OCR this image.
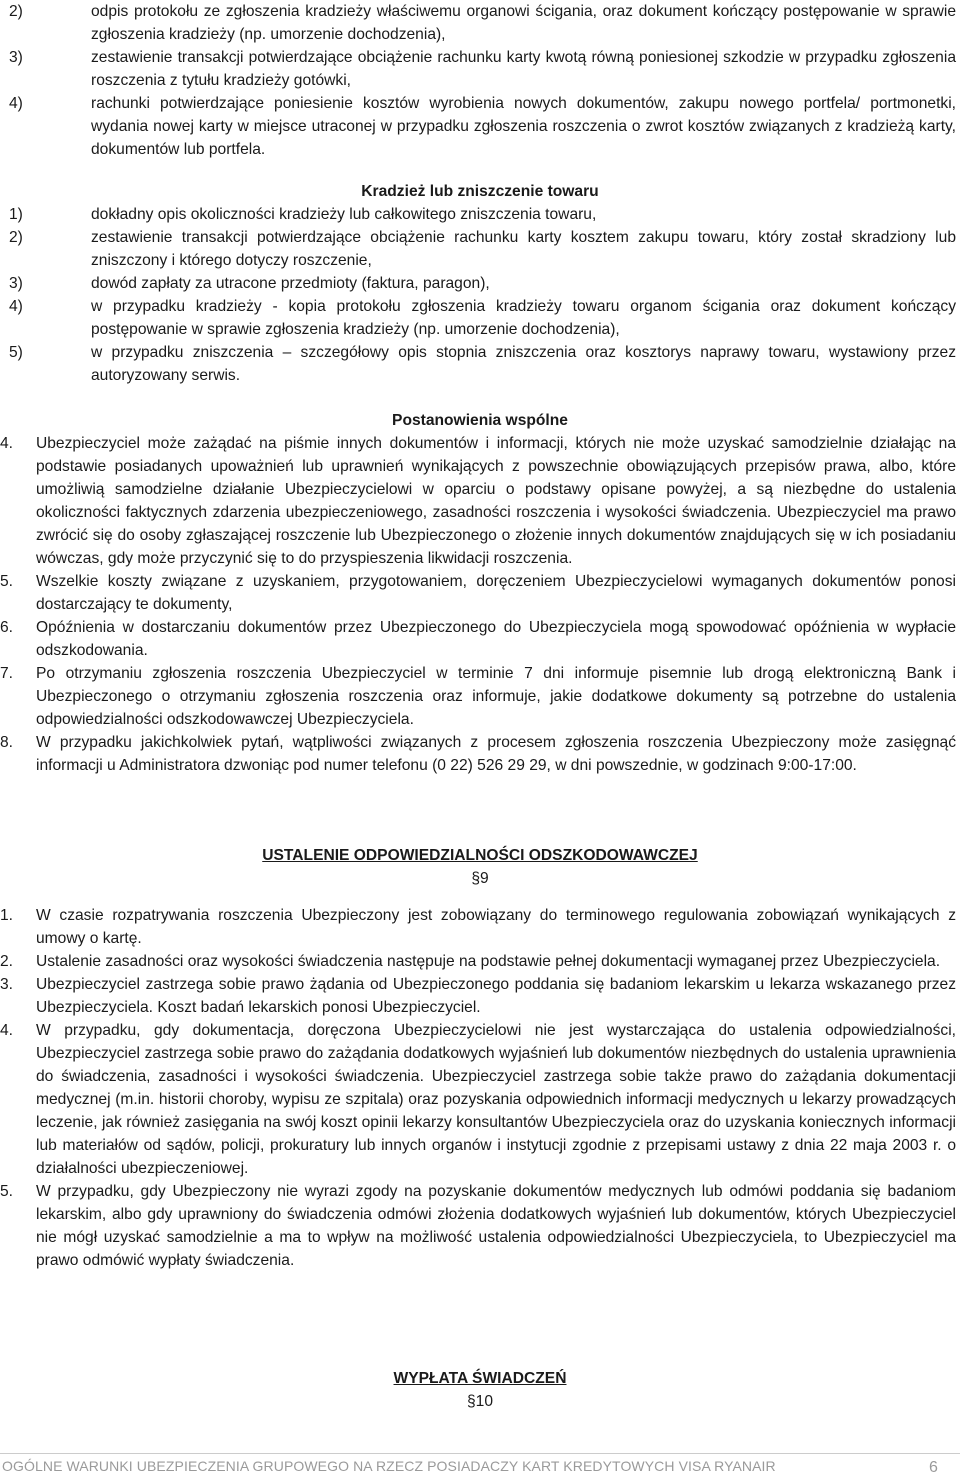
2)	odpis protokołu ze zgłoszenia kradzieży właściwemu organowi ścigania, oraz dokument kończący postępowanie w sprawie zgłoszenia kradzieży (np. umorzenie dochodzenia),

3)	zestawienie transakcji potwierdzające obciążenie rachunku karty kwotą równą poniesionej szkodzie w przypadku zgłoszenia roszczenia z tytułu kradzieży gotówki,

4)	rachunki potwierdzające poniesienie kosztów wyrobienia nowych dokumentów, zakupu nowego portfela/ portmonetki, wydania nowej karty w miejsce utraconej w przypadku zgłoszenia roszczenia o zwrot kosztów związanych z kradzieżą karty, dokumentów lub portfela.

Kradzież lub zniszczenie towaru

1)	dokładny opis okoliczności kradzieży lub całkowitego zniszczenia towaru,

2)	zestawienie transakcji potwierdzające obciążenie rachunku karty kosztem zakupu towaru, który został skradziony lub zniszczony i którego dotyczy roszczenie,

3)	dowód zapłaty za utracone przedmioty (faktura, paragon),

4)	w przypadku kradzieży - kopia protokołu zgłoszenia kradzieży towaru organom ścigania oraz dokument kończący postępowanie w sprawie zgłoszenia kradzieży (np. umorzenie dochodzenia),

5)	w przypadku zniszczenia – szczegółowy opis stopnia zniszczenia oraz kosztorys naprawy towaru, wystawiony przez autoryzowany serwis.

Postanowienia wspólne

4. Ubezpieczyciel może zażądać na piśmie innych dokumentów i informacji, których nie może uzyskać samodzielnie działając na podstawie posiadanych upoważnień lub uprawnień wynikających z powszechnie obowiązujących przepisów prawa, albo, które umożliwią samodzielne działanie Ubezpieczycielowi w oparciu o podstawy opisane powyżej, a są niezbędne do ustalenia okoliczności faktycznych zdarzenia ubezpieczeniowego, zasadności roszczenia i wysokości świadczenia. Ubezpieczyciel ma prawo zwrócić się do osoby zgłaszającej roszczenie lub Ubezpieczonego o złożenie innych dokumentów znajdujących się w ich posiadaniu wówczas, gdy może przyczynić się to do przyspieszenia likwidacji roszczenia.

5. Wszelkie koszty związane z uzyskaniem, przygotowaniem, doręczeniem Ubezpieczycielowi wymaganych dokumentów ponosi dostarczający te dokumenty,

6. Opóźnienia w dostarczaniu dokumentów przez Ubezpieczonego do Ubezpieczyciela mogą spowodować opóźnienia w wypłacie odszkodowania.

7. Po otrzymaniu zgłoszenia roszczenia Ubezpieczyciel w terminie 7 dni informuje pisemnie lub drogą elektroniczną Bank i Ubezpieczonego o otrzymaniu zgłoszenia roszczenia oraz informuje, jakie dodatkowe dokumenty są potrzebne do ustalenia odpowiedzialności odszkodowawczej Ubezpieczyciela.

8. W przypadku jakichkolwiek pytań, wątpliwości związanych z procesem zgłoszenia roszczenia Ubezpieczony może zasięgnąć informacji u Administratora dzwoniąc pod numer telefonu (0 22) 526 29 29, w dni powszednie, w godzinach 9:00-17:00.

USTALENIE ODPOWIEDZIALNOŚCI ODSZKODOWAWCZEJ

§9

1. W czasie rozpatrywania roszczenia Ubezpieczony jest zobowiązany do terminowego regulowania zobowiązań wynikających z umowy o kartę.

2. Ustalenie zasadności oraz wysokości świadczenia następuje na podstawie pełnej dokumentacji wymaganej przez Ubezpieczyciela.

3. Ubezpieczyciel zastrzega sobie prawo żądania od Ubezpieczonego poddania się badaniom lekarskim u lekarza wskazanego przez Ubezpieczyciela. Koszt badań lekarskich ponosi Ubezpieczyciel.

4. W przypadku, gdy dokumentacja, doręczona Ubezpieczycielowi nie jest wystarczająca do ustalenia odpowiedzialności, Ubezpieczyciel zastrzega sobie prawo do zażądania dodatkowych wyjaśnień lub dokumentów niezbędnych do ustalenia uprawnienia do świadczenia, zasadności i wysokości świadczenia. Ubezpieczyciel zastrzega sobie także prawo do zażądania dokumentacji medycznej (m.in. historii choroby, wypisu ze szpitala) oraz pozyskania odpowiednich informacji medycznych u lekarzy prowadzących leczenie, jak również zasięgania na swój koszt opinii lekarzy konsultantów Ubezpieczyciela oraz do uzyskania koniecznych informacji lub materiałów od sądów, policji, prokuratury lub innych organów i instytucji zgodnie z przepisami ustawy z dnia 22 maja 2003 r. o działalności ubezpieczeniowej.

5. W przypadku, gdy Ubezpieczony nie wyrazi zgody na pozyskanie dokumentów medycznych lub odmówi poddania się badaniom lekarskim, albo gdy uprawniony do świadczenia odmówi złożenia dodatkowych wyjaśnień lub dokumentów, których Ubezpieczyciel nie mógł uzyskać samodzielnie a ma to wpływ na możliwość ustalenia odpowiedzialności Ubezpieczyciela, to Ubezpieczyciel ma prawo odmówić wypłaty świadczenia.

WYPŁATA ŚWIADCZEŃ

§10

OGÓLNE WARUNKI UBEZPIECZENIA GRUPOWEGO NA RZECZ POSIADACZY KART KREDYTOWYCH VISA RYANAIR	6
